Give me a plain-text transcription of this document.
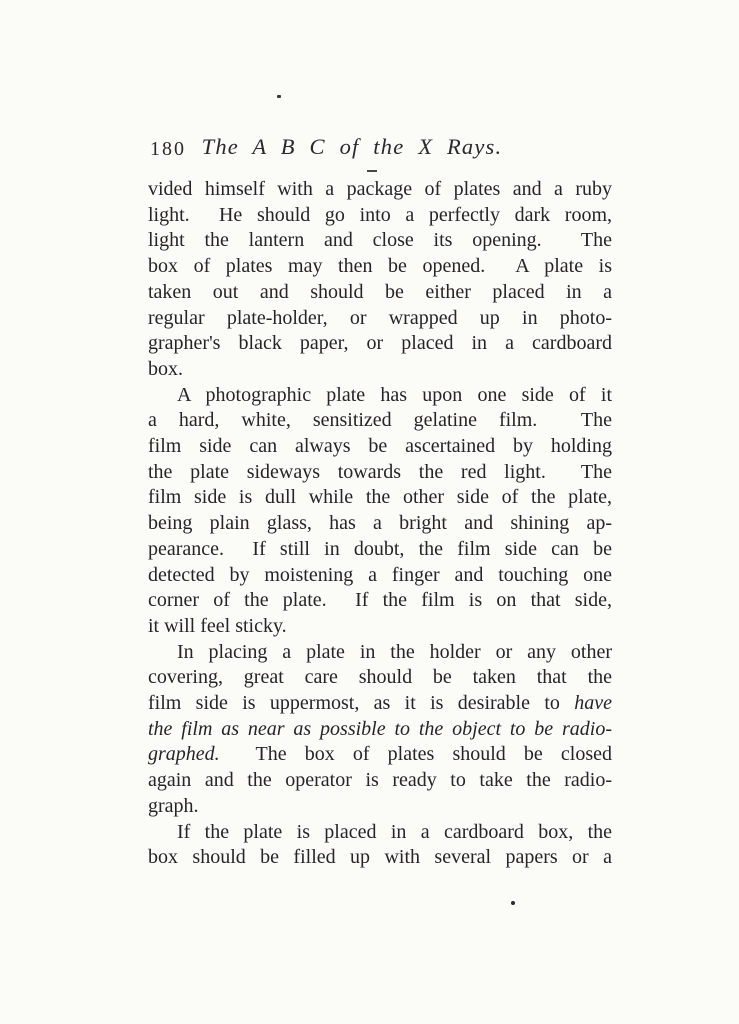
180 The A B C of the X Rays.
vided himself with a package of plates and a ruby
light.  He should go into a perfectly dark room,
light the lantern and close its opening.  The
box of plates may then be opened.  A plate is
taken out and should be either placed in a
regular plate-holder, or wrapped up in photo-
grapher's black paper, or placed in a cardboard
box.
A photographic plate has upon one side of it
a hard, white, sensitized gelatine film.  The
film side can always be ascertained by holding
the plate sideways towards the red light.  The
film side is dull while the other side of the plate,
being plain glass, has a bright and shining ap-
pearance.  If still in doubt, the film side can be
detected by moistening a finger and touching one
corner of the plate.  If the film is on that side,
it will feel sticky.
In placing a plate in the holder or any other
covering, great care should be taken that the
film side is uppermost, as it is desirable to have
the film as near as possible to the object to be radio-
graphed.  The box of plates should be closed
again and the operator is ready to take the radio-
graph.
If the plate is placed in a cardboard box, the
box should be filled up with several papers or a
